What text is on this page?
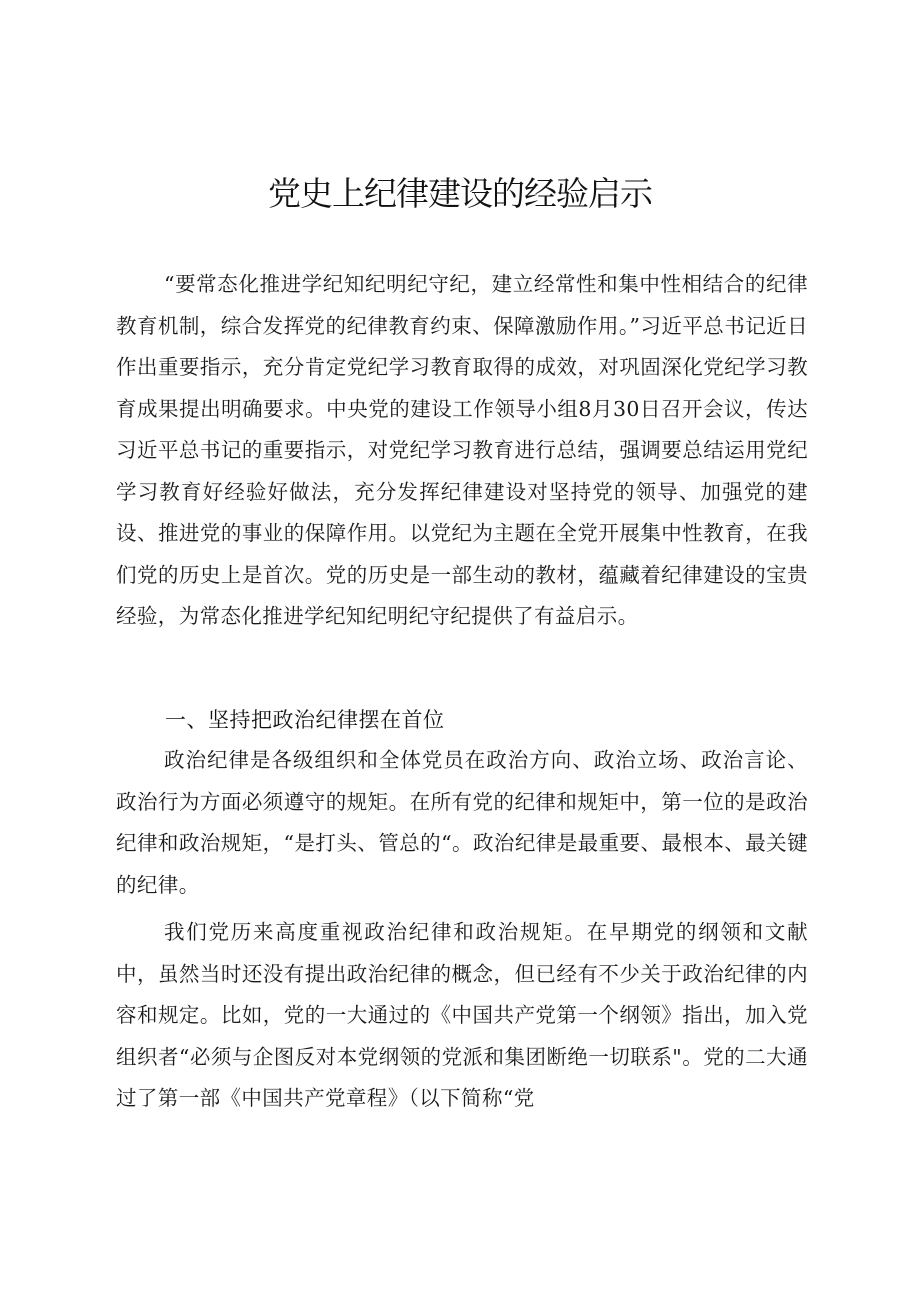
党史上纪律建设的经验启示

“要常态化推进学纪知纪明纪守纪，建立经常性和集中性相结合的纪律教育机制，综合发挥党的纪律教育约束、保障激励作用。”习近平总书记近日作出重要指示，充分肯定党纪学习教育取得的成效，对巩固深化党纪学习教育成果提出明确要求。中央党的建设工作领导小组8月30日召开会议，传达习近平总书记的重要指示，对党纪学习教育进行总结，强调要总结运用党纪学习教育好经验好做法，充分发挥纪律建设对坚持党的领导、加强党的建设、推进党的事业的保障作用。以党纪为主题在全党开展集中性教育，在我们党的历史上是首次。党的历史是一部生动的教材，蕴藏着纪律建设的宝贵经验，为常态化推进学纪知纪明纪守纪提供了有益启示。

一、坚持把政治纪律摆在首位

政治纪律是各级组织和全体党员在政治方向、政治立场、政治言论、政治行为方面必须遵守的规矩。在所有党的纪律和规矩中，第一位的是政治纪律和政治规矩，“是打头、管总的“。政治纪律是最重要、最根本、最关键的纪律。

我们党历来高度重视政治纪律和政治规矩。在早期党的纲领和文献中，虽然当时还没有提出政治纪律的概念，但已经有不少关于政治纪律的内容和规定。比如，党的一大通过的《中国共产党第一个纲领》指出，加入党组织者“必须与企图反对本党纲领的党派和集团断绝一切联系"。党的二大通过了第一部《中国共产党章程》（以下简称“党
